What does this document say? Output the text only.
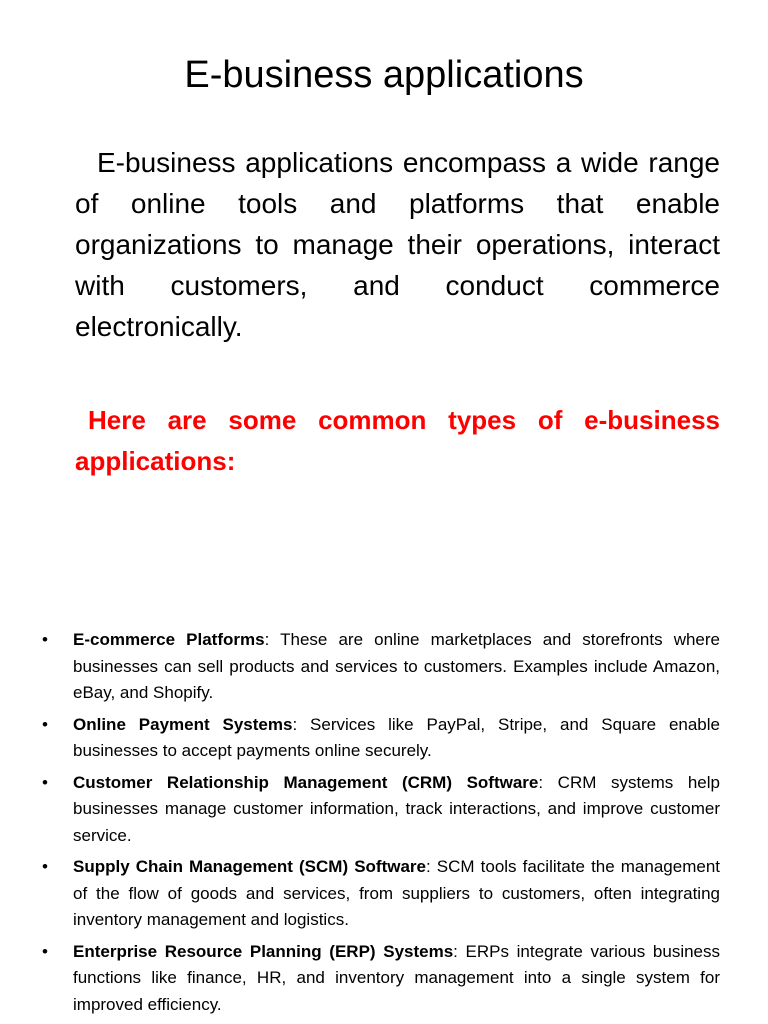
E-business applications

E-business applications encompass a wide range of online tools and platforms that enable organizations to manage their operations, interact with customers, and conduct commerce electronically.

Here are some common types of e-business applications:

•	E-commerce Platforms: These are online marketplaces and storefronts where businesses can sell products and services to customers. Examples include Amazon, eBay, and Shopify.
•	Online Payment Systems: Services like PayPal, Stripe, and Square enable businesses to accept payments online securely.
•	Customer Relationship Management (CRM) Software: CRM systems help businesses manage customer information, track interactions, and improve customer service.
•	Supply Chain Management (SCM) Software: SCM tools facilitate the management of the flow of goods and services, from suppliers to customers, often integrating inventory management and logistics.
•	Enterprise Resource Planning (ERP) Systems: ERPs integrate various business functions like finance, HR, and inventory management into a single system for improved efficiency.
